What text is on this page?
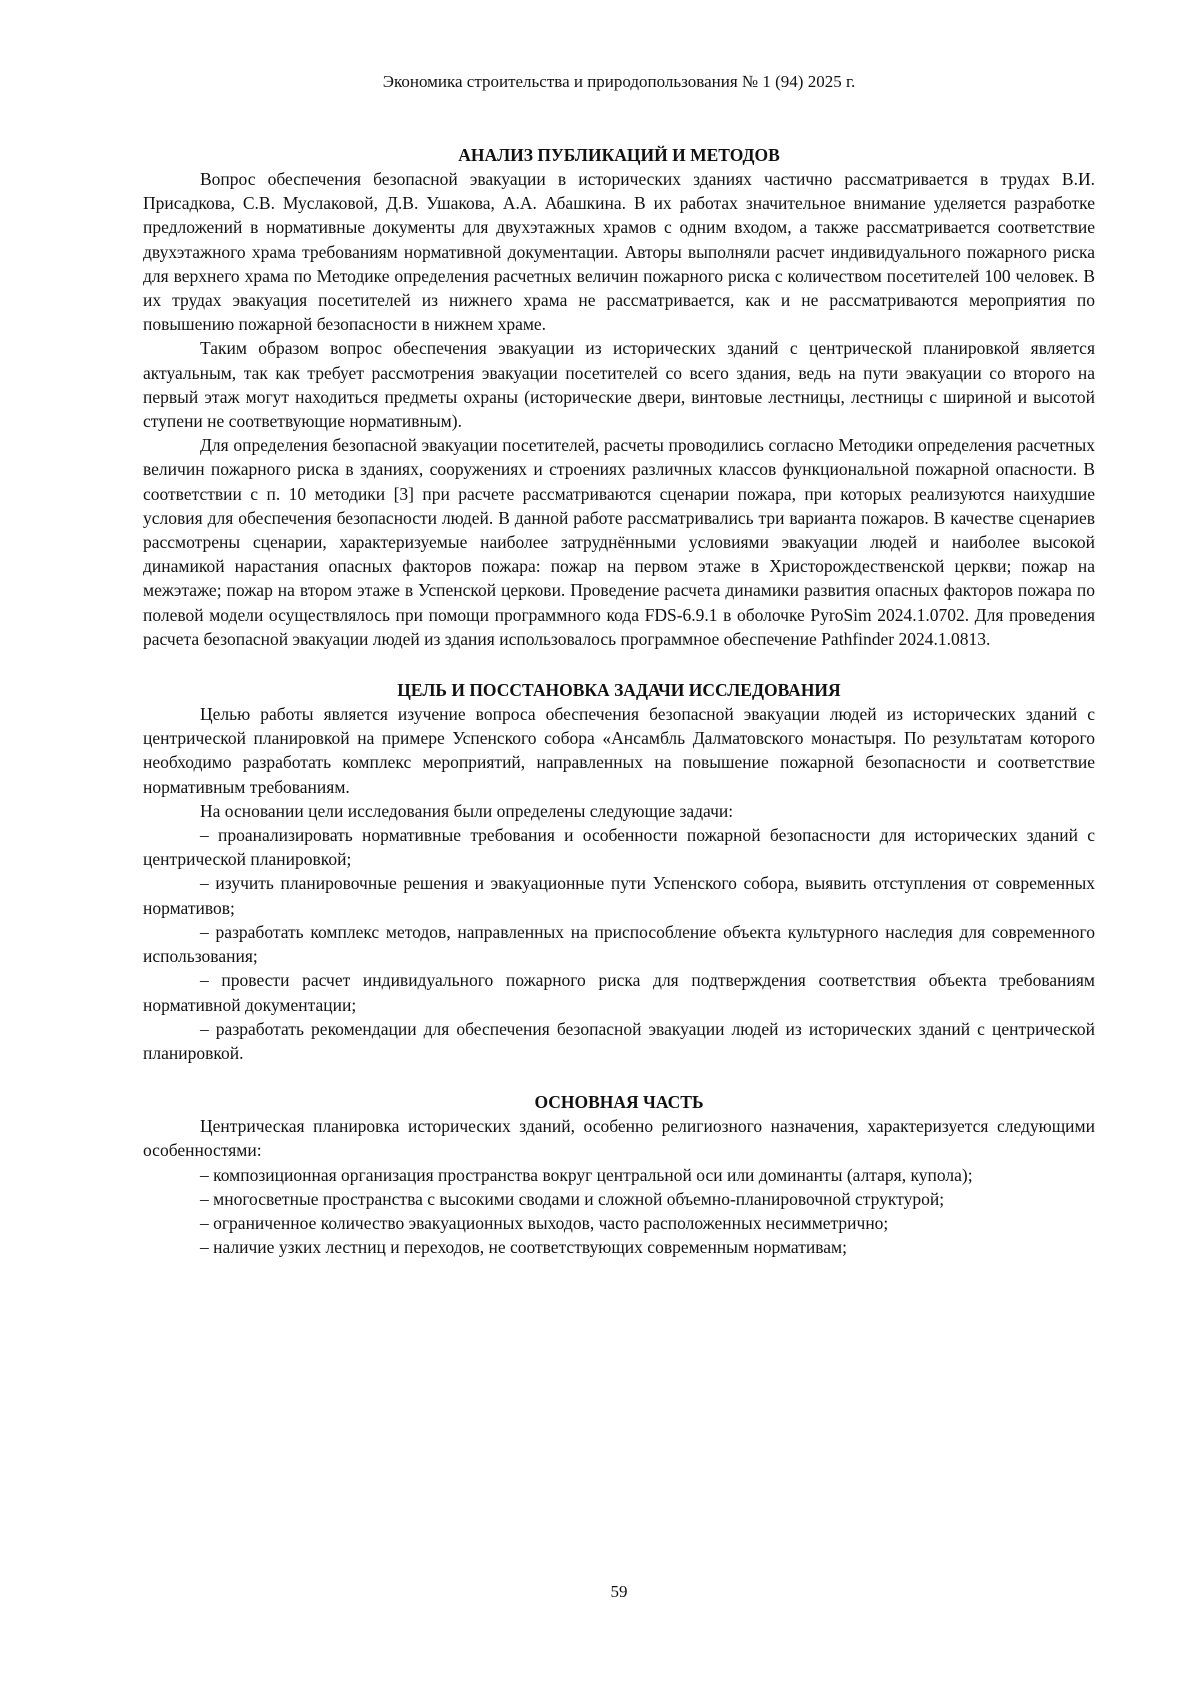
Экономика строительства и природопользования № 1 (94) 2025 г.
АНАЛИЗ ПУБЛИКАЦИЙ И МЕТОДОВ

Вопрос обеспечения безопасной эвакуации в исторических зданиях частично рассматривается в трудах В.И. Присадкова, С.В. Муслаковой, Д.В. Ушакова, А.А. Абашкина. В их работах значительное внимание уделяется разработке предложений в нормативные документы для двухэтажных храмов с одним входом, а также рассматривается соответствие двухэтажного храма требованиям нормативной документации. Авторы выполняли расчет индивидуального пожарного риска для верхнего храма по Методике определения расчетных величин пожарного риска с количеством посетителей 100 человек. В их трудах эвакуация посетителей из нижнего храма не рассматривается, как и не рассматриваются мероприятия по повышению пожарной безопасности в нижнем храме.

Таким образом вопрос обеспечения эвакуации из исторических зданий с центрической планировкой является актуальным, так как требует рассмотрения эвакуации посетителей со всего здания, ведь на пути эвакуации со второго на первый этаж могут находиться предметы охраны (исторические двери, винтовые лестницы, лестницы с шириной и высотой ступени не соответвующие нормативным).

Для определения безопасной эвакуации посетителей, расчеты проводились согласно Методики определения расчетных величин пожарного риска в зданиях, сооружениях и строениях различных классов функциональной пожарной опасности. В соответствии с п. 10 методики [3] при расчете рассматриваются сценарии пожара, при которых реализуются наихудшие условия для обеспечения безопасности людей. В данной работе рассматривались три варианта пожаров. В качестве сценариев рассмотрены сценарии, характеризуемые наиболее затруднёнными условиями эвакуации людей и наиболее высокой динамикой нарастания опасных факторов пожара: пожар на первом этаже в Христорождественской церкви; пожар на межэтаже; пожар на втором этаже в Успенской церкови. Проведение расчета динамики развития опасных факторов пожара по полевой модели осуществлялось при помощи программного кода FDS-6.9.1 в оболочке PyroSim 2024.1.0702. Для проведения расчета безопасной эвакуации людей из здания использовалось программное обеспечение Pathfinder 2024.1.0813.

ЦЕЛЬ И ПОССТАНОВКА ЗАДАЧИ ИССЛЕДОВАНИЯ

Целью работы является изучение вопроса обеспечения безопасной эвакуации людей из исторических зданий с центрической планировкой на примере Успенского собора «Ансамбль Далматовского монастыря. По результатам которого необходимо разработать комплекс мероприятий, направленных на повышение пожарной безопасности и соответствие нормативным требованиям.

На основании цели исследования были определены следующие задачи:

– проанализировать нормативные требования и особенности пожарной безопасности для исторических зданий с центрической планировкой;

– изучить планировочные решения и эвакуационные пути Успенского собора, выявить отступления от современных нормативов;

– разработать комплекс методов, направленных на приспособление объекта культурного наследия для современного использования;

– провести расчет индивидуального пожарного риска для подтверждения соответствия объекта требованиям нормативной документации;

– разработать рекомендации для обеспечения безопасной эвакуации людей из исторических зданий с центрической планировкой.

ОСНОВНАЯ ЧАСТЬ

Центрическая планировка исторических зданий, особенно религиозного назначения, характеризуется следующими особенностями:

– композиционная организация пространства вокруг центральной оси или доминанты (алтаря, купола);

– многосветные пространства с высокими сводами и сложной объемно-планировочной структурой;

– ограниченное количество эвакуационных выходов, часто расположенных несимметрично;

– наличие узких лестниц и переходов, не соответствующих современным нормативам;

59
